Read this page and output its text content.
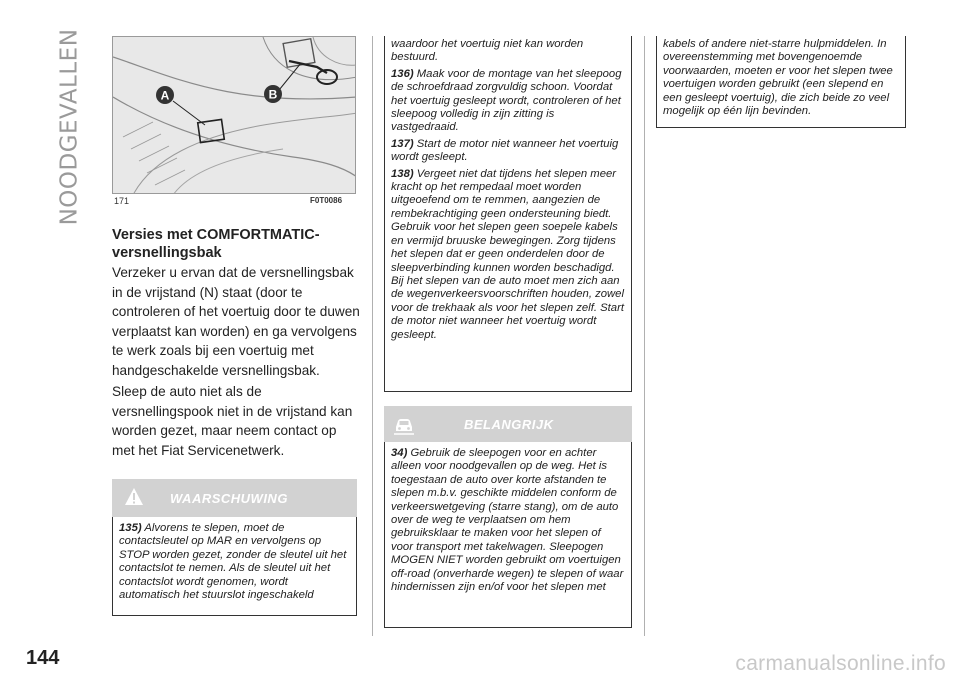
NOODGEVALLEN	A	B
171	F0T0086
Versies met COMFORTMATIC-versnellingsbak
Verzeker u ervan dat de versnellingsbak in de vrijstand (N) staat (door te controleren of het voertuig door te duwen verplaatst kan worden) en ga vervolgens te werk zoals bij een voertuig met handgeschakelde versnellingsbak.
Sleep de auto niet als de versnellingspook niet in de vrijstand kan worden gezet, maar neem contact op met het Fiat Servicenetwerk.
WAARSCHUWING

135) Alvorens te slepen, moet de contactsleutel op MAR en vervolgens op STOP worden gezet, zonder de sleutel uit het contactslot te nemen. Als de sleutel uit het contactslot wordt genomen, wordt automatisch het stuurslot ingeschakeld

waardoor het voertuig niet kan worden bestuurd.

136) Maak voor de montage van het sleepoog de schroefdraad zorgvuldig schoon. Voordat het voertuig gesleept wordt, controleren of het sleepoog volledig in zijn zitting is vastgedraaid.

137) Start de motor niet wanneer het voertuig wordt gesleept.

138) Vergeet niet dat tijdens het slepen meer kracht op het rempedaal moet worden uitgeoefend om te remmen, aangezien de rembekrachtiging geen ondersteuning biedt. Gebruik voor het slepen geen soepele kabels en vermijd bruuske bewegingen. Zorg tijdens het slepen dat er geen onderdelen door de sleepverbinding kunnen worden beschadigd. Bij het slepen van de auto moet men zich aan de wegenverkeersvoorschriften houden, zowel voor de trekhaak als voor het slepen zelf. Start de motor niet wanneer het voertuig wordt gesleept.

BELANGRIJK

34) Gebruik de sleepogen voor en achter alleen voor noodgevallen op de weg. Het is toegestaan de auto over korte afstanden te slepen m.b.v. geschikte middelen conform de verkeerswetgeving (starre stang), om de auto over de weg te verplaatsen om hem gebruiksklaar te maken voor het slepen of voor transport met takelwagen. Sleepogen MOGEN NIET worden gebruikt om voertuigen off-road (onverharde wegen) te slepen of waar hindernissen zijn en/of voor het slepen met

kabels of andere niet-starre hulpmiddelen. In overeenstemming met bovengenoemde voorwaarden, moeten er voor het slepen twee voertuigen worden gebruikt (een slepend en een gesleept voertuig), die zich beide zo veel mogelijk op één lijn bevinden.

144	carmanualsonline.info
